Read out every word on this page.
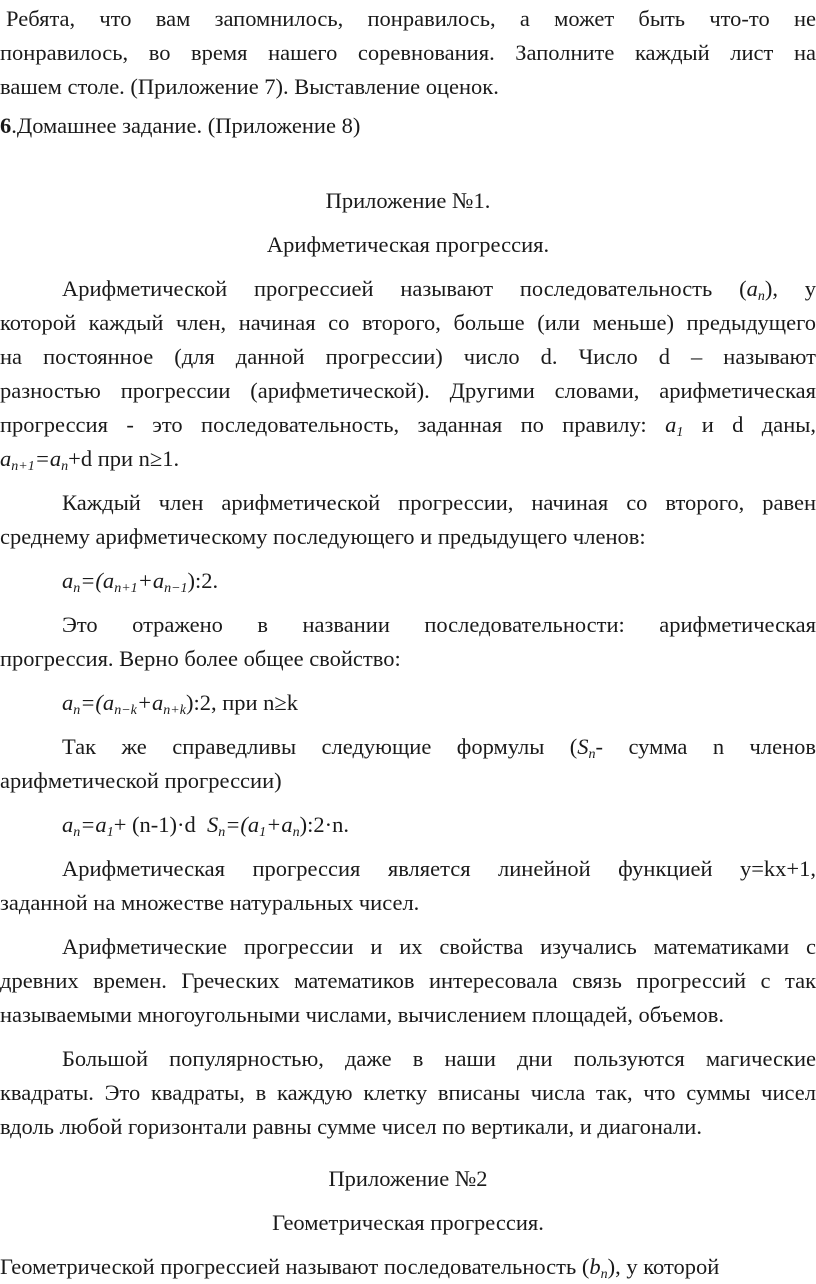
Ребята, что вам запомнилось, понравилось, а может быть что-то не
понравилось, во время нашего соревнования. Заполните каждый лист на
вашем столе. (Приложение 7). Выставление оценок.
6.Домашнее задание. (Приложение 8)
Приложение №1.
Арифметическая прогрессия.
Арифметической прогрессией называют последовательность $(a_n)$, у
которой каждый член, начиная со второго, больше (или меньше) предыдущего
на постоянное (для данной прогрессии) число d. Число d – называют
разностью прогрессии (арифметической). Другими словами, арифметическая
прогрессия - это последовательность, заданная по правилу: $a_1$ и d даны,
$a_{n+1}=a_n+d$ при n≥1.
Каждый член арифметической прогрессии, начиная со второго, равен
среднему арифметическому последующего и предыдущего членов:
$a_n=(a_{n+1}+a_{n-1}):2$.
Это отражено в названии последовательности: арифметическая
прогрессия. Верно более общее свойство:
$a_n=(a_{n-k}+a_{n+k}):2$, при n≥k
Так же справедливы следующие формулы ($S_n-$ сумма n членов
арифметической прогрессии)
$a_n=a_1+ (n-1)\cdot d$ $S_n=(a_1+a_n):2\cdot n$.
Арифметическая прогрессия является линейной функцией y=kx+1,
заданной на множестве натуральных чисел.
Арифметические прогрессии и их свойства изучались математиками с
древних времен. Греческих математиков интересовала связь прогрессий с так
называемыми многоугольными числами, вычислением площадей, объемов.
Большой популярностью, даже в наши дни пользуются магические
квадраты. Это квадраты, в каждую клетку вписаны числа так, что суммы чисел
вдоль любой горизонтали равны сумме чисел по вертикали, и диагонали.
Приложение №2
Геометрическая прогрессия.
Геометрической прогрессией называют последовательность $(b_n)$, у которой
